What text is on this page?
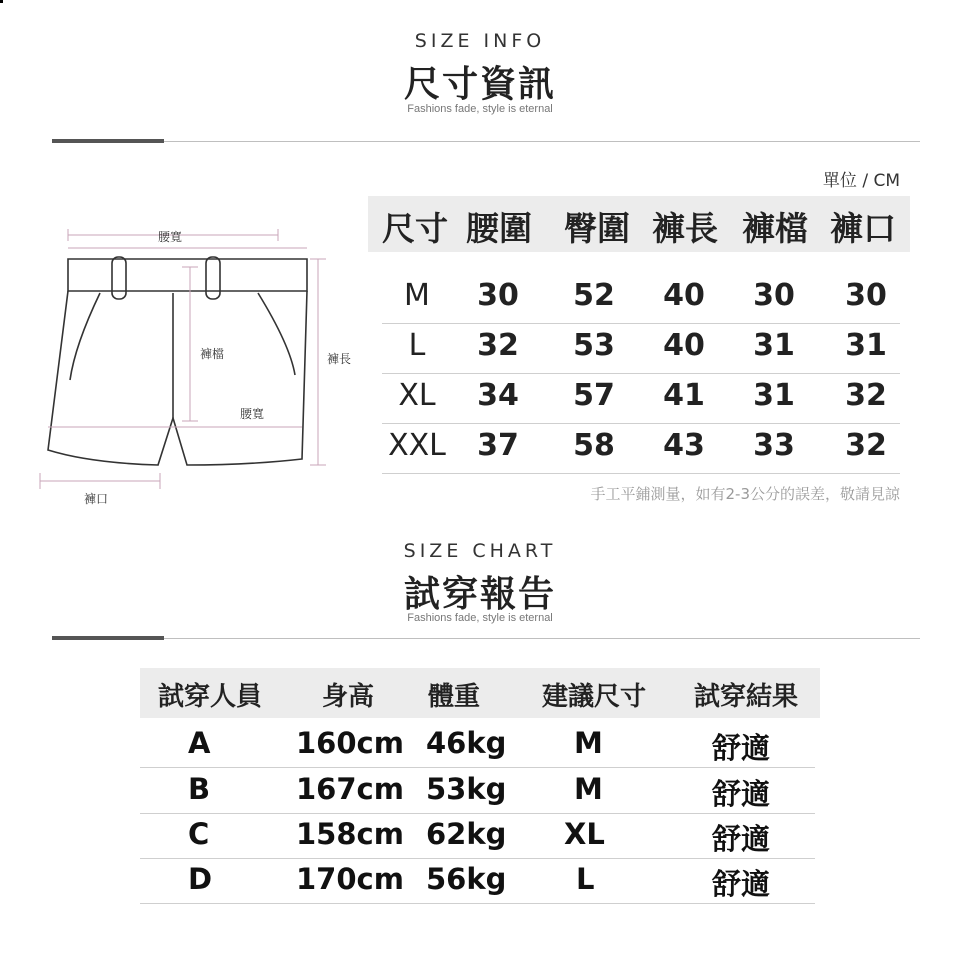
SIZE INFO
尺寸資訊
Fashions fade, style is eternal
單位 / CM
腰寬
褲檔	褲長
腰寬
褲口
尺寸 腰圍 臀圍 褲長 褲檔 褲口
M	30	52	40	30	30
L	32	53	40	31	31
XL	34	57	41	31	32
XXL	37	58	43	33	32
手工平鋪測量，如有2-3公分的誤差，敬請見諒
SIZE CHART
試穿報告
Fashions fade, style is eternal
試穿人員 身高 體重 建議尺寸 試穿結果
A	160cm 46kg M	舒適
B	167cm 53kg M	舒適
C	158cm 62kg XL	舒適
D	170cm 56kg L	舒適
